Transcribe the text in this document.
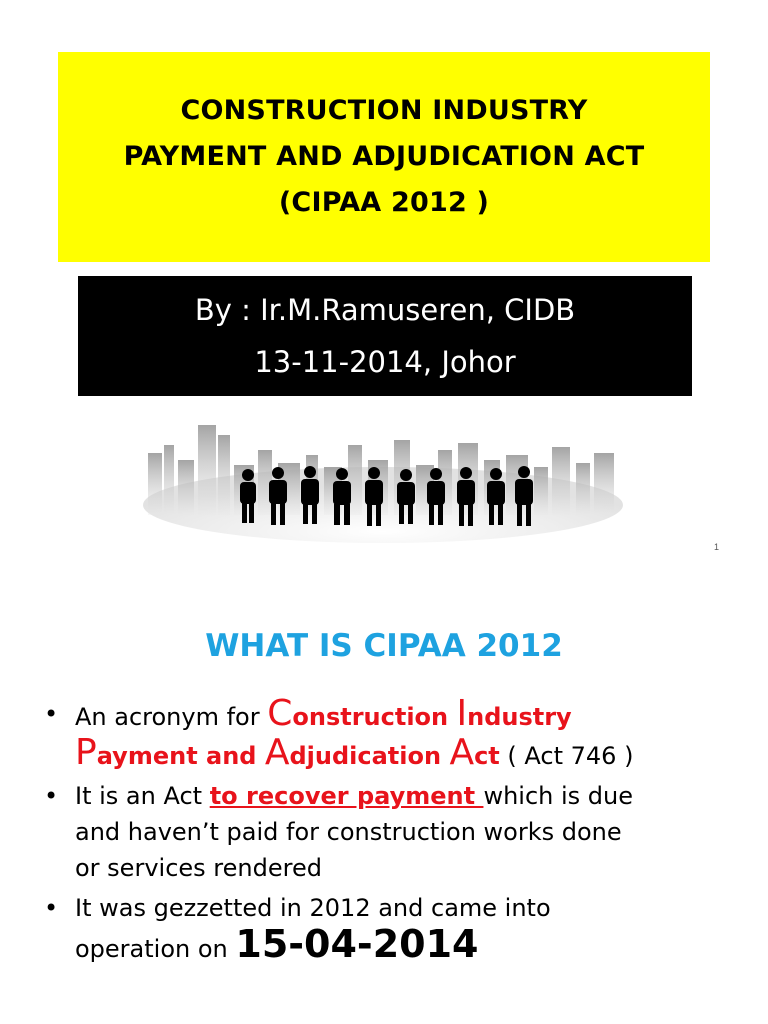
CONSTRUCTION INDUSTRY
PAYMENT AND ADJUDICATION ACT
(CIPAA 2012 )
By : Ir.M.Ramuseren, CIDB
13-11-2014, Johor
1
WHAT IS CIPAA 2012
• An acronym for Construction Industry
Payment and Adjudication Act ( Act 746 )
• It is an Act to recover payment which is due
and haven’t paid for construction works done
or services rendered
• It was gezzetted in 2012 and came into
operation on 15-04-2014
